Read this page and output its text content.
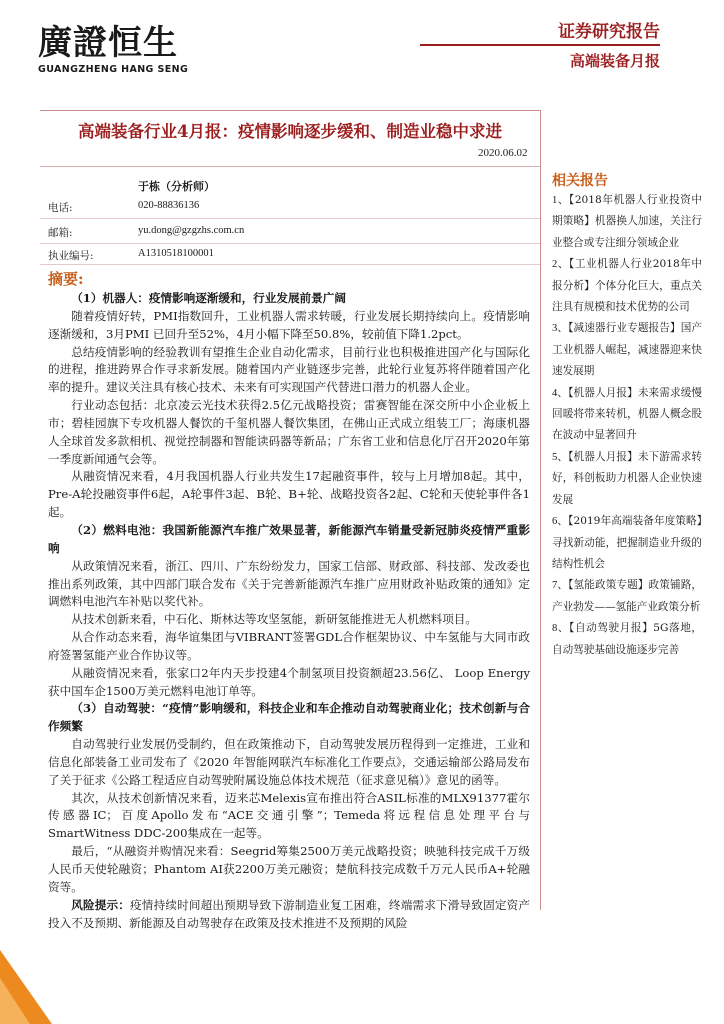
廣證恒生
GUANGZHENG HANG SENG
证券研究报告
高端装备月报
高端装备行业4月报：疫情影响逐步缓和、制造业稳中求进
2020.06.02
于栋（分析师）
电话:	020-88836136
邮箱:	yu.dong@gzgzhs.com.cn
执业编号:	A1310518100001
摘要:

（1）机器人：疫情影响逐渐缓和，行业发展前景广阔

随着疫情好转，PMI指数回升，工业机器人需求转暖，行业发展长期持续向上。疫情影响逐渐缓和，3月PMI 已回升至52%，4月小幅下降至50.8%，较前值下降1.2pct。

总结疫情影响的经验教训有望推生企业自动化需求，目前行业也积极推进国产化与国际化的进程，推进跨界合作寻求新发展。随着国内产业链逐步完善，此轮行业复苏将伴随着国产化率的提升。建议关注具有核心技术、未来有可实现国产代替进口潜力的机器人企业。

行业动态包括：北京凌云光技术获得2.5亿元战略投资；雷赛智能在深交所中小企业板上市；碧桂园旗下专攻机器人餐饮的千玺机器人餐饮集团，在佛山正式成立组装工厂；海康机器人全球首发多款相机、视觉控制器和智能读码器等新品；广东省工业和信息化厅召开2020年第一季度新闻通气会等。

从融资情况来看，4月我国机器人行业共发生17起融资事件，较与上月增加8起。其中，Pre-A轮投融资事件6起，A轮事件3起、B轮、B+轮、战略投资各2起、C轮和天使轮事件各1起。

（2）燃料电池：我国新能源汽车推广效果显著，新能源汽车销量受新冠肺炎疫情严重影响

从政策情况来看，浙江、四川、广东纷纷发力，国家工信部、财政部、科技部、发改委也推出系列政策，其中四部门联合发布《关于完善新能源汽车推广应用财政补贴政策的通知》定调燃料电池汽车补贴以奖代补。

从技术创新来看，中石化、斯林达等攻坚氢能，新研氢能推进无人机燃料项目。

从合作动态来看，海华谊集团与VIBRANT签署GDL合作框架协议、中车氢能与大同市政府签署氢能产业合作协议等。

从融资情况来看，张家口2年内天步投建4个制氢项目投资额超23.56亿、 Loop Energy获中国车企1500万美元燃料电池订单等。

（3）自动驾驶：“疫情”影响缓和，科技企业和车企推动自动驾驶商业化；技术创新与合作频繁

自动驾驶行业发展仍受制约，但在政策推动下，自动驾驶发展历程得到一定推进，工业和信息化部装备工业司发布了《2020 年智能网联汽车标准化工作要点》，交通运输部公路局发布了关于征求《公路工程适应自动驾驶附属设施总体技术规范（征求意见稿）》意见的函等。

其次，从技术创新情况来看，迈来芯Melexis宣布推出符合ASIL标准的MLX91377霍尔传感器IC；百度Apollo发布“ACE交通引擎”；Temeda将远程信息处理平台与SmartWitness DDC-200集成在一起等。

最后，“从融资并购情况来看：Seegrid筹集2500万美元战略投资；映驰科技完成千万级人民币天使轮融资；Phantom AI获2200万美元融资；楚航科技完成数千万元人民币A+轮融资等。

风险提示：疫情持续时间超出预期导致下游制造业复工困难，终端需求下滑导致固定资产投入不及预期、新能源及自动驾驶存在政策及技术推进不及预期的风险

相关报告

1、【2018年机器人行业投资中期策略】机器换人加速，关注行业整合或专注细分领域企业

2、【工业机器人行业2018年中报分析】个体分化巨大，重点关注具有规模和技术优势的公司

3、【减速器行业专题报告】国产工业机器人崛起，减速器迎来快速发展期

4、【机器人月报】未来需求缓慢回暖将带来转机，机器人概念股在波动中显著回升

5、【机器人月报】未下游需求转好，科创板助力机器人企业快速发展

6、【2019年高端装备年度策略】寻找新动能，把握制造业升级的结构性机会

7、【氢能政策专题】政策铺路，产业勃发——氢能产业政策分析

8、【自动驾驶月报】5G落地，自动驾驶基础设施逐步完善
